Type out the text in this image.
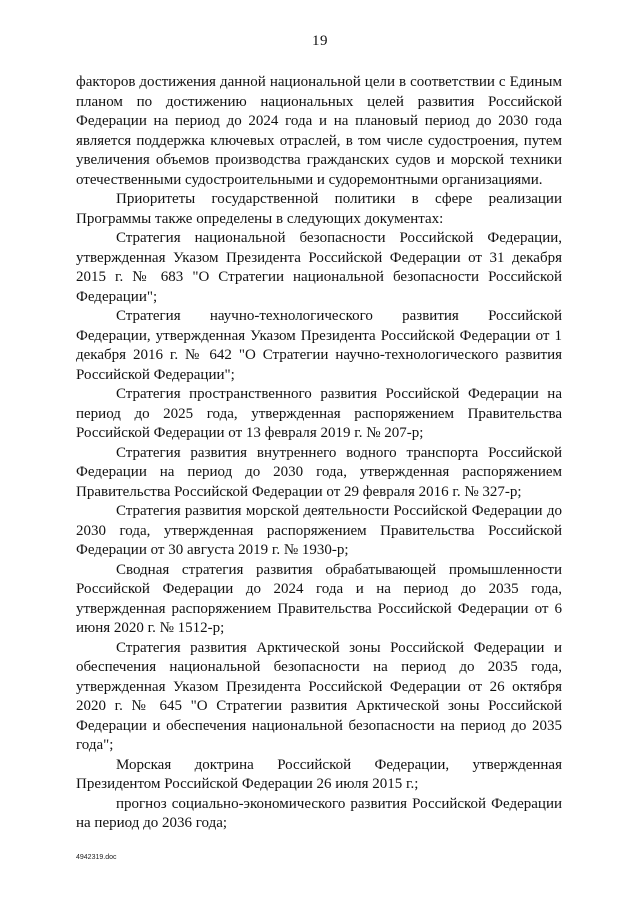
19

факторов достижения данной национальной цели в соответствии с Единым планом по достижению национальных целей развития Российской Федерации на период до 2024 года и на плановый период до 2030 года является поддержка ключевых отраслей, в том числе судостроения, путем увеличения объемов производства гражданских судов и морской техники отечественными судостроительными и судоремонтными организациями.

Приоритеты государственной политики в сфере реализации Программы также определены в следующих документах:

Стратегия национальной безопасности Российской Федерации, утвержденная Указом Президента Российской Федерации от 31 декабря 2015 г. № 683 "О Стратегии национальной безопасности Российской Федерации";

Стратегия научно-технологического развития Российской Федерации, утвержденная Указом Президента Российской Федерации от 1 декабря 2016 г. № 642 "О Стратегии научно-технологического развития Российской Федерации";

Стратегия пространственного развития Российской Федерации на период до 2025 года, утвержденная распоряжением Правительства Российской Федерации от 13 февраля 2019 г. № 207-р;

Стратегия развития внутреннего водного транспорта Российской Федерации на период до 2030 года, утвержденная распоряжением Правительства Российской Федерации от 29 февраля 2016 г. № 327-р;

Стратегия развития морской деятельности Российской Федерации до 2030 года, утвержденная распоряжением Правительства Российской Федерации от 30 августа 2019 г. № 1930-р;

Сводная стратегия развития обрабатывающей промышленности Российской Федерации до 2024 года и на период до 2035 года, утвержденная распоряжением Правительства Российской Федерации от 6 июня 2020 г. № 1512-р;

Стратегия развития Арктической зоны Российской Федерации и обеспечения национальной безопасности на период до 2035 года, утвержденная Указом Президента Российской Федерации от 26 октября 2020 г. № 645 "О Стратегии развития Арктической зоны Российской Федерации и обеспечения национальной безопасности на период до 2035 года";

Морская доктрина Российской Федерации, утвержденная Президентом Российской Федерации 26 июля 2015 г.;

прогноз социально-экономического развития Российской Федерации на период до 2036 года;

4942319.doc
